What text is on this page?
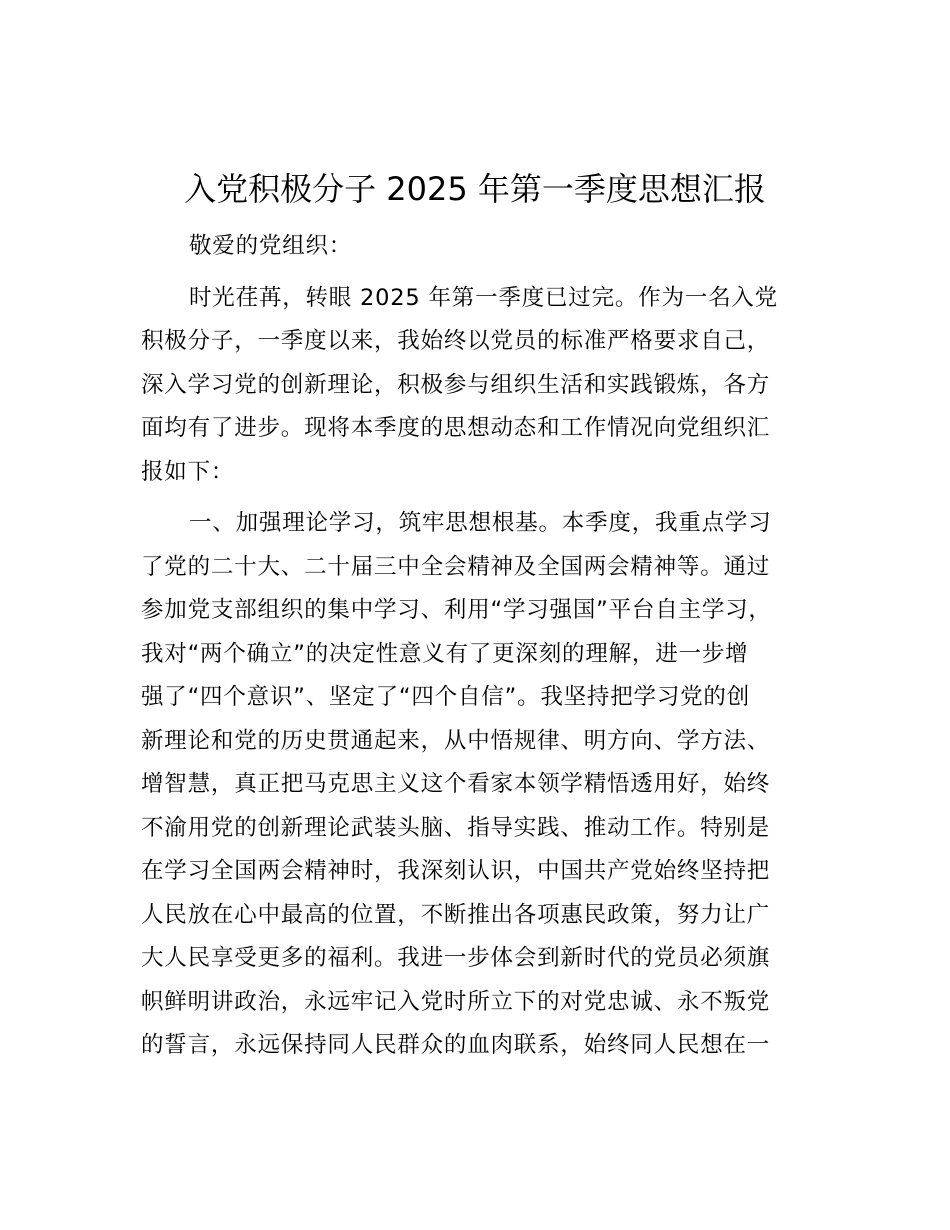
入党积极分子 2025 年第一季度思想汇报

敬爱的党组织：

时光荏苒，转眼 2025 年第一季度已过完。作为一名入党
积极分子，一季度以来，我始终以党员的标准严格要求自己，
深入学习党的创新理论，积极参与组织生活和实践锻炼，各方
面均有了进步。现将本季度的思想动态和工作情况向党组织汇
报如下：

一、加强理论学习，筑牢思想根基。本季度，我重点学习
了党的二十大、二十届三中全会精神及全国两会精神等。通过
参加党支部组织的集中学习、利用“学习强国”平台自主学习，
我对“两个确立”的决定性意义有了更深刻的理解，进一步增
强了“四个意识”、坚定了“四个自信”。我坚持把学习党的创
新理论和党的历史贯通起来，从中悟规律、明方向、学方法、
增智慧，真正把马克思主义这个看家本领学精悟透用好，始终
不渝用党的创新理论武装头脑、指导实践、推动工作。特别是
在学习全国两会精神时，我深刻认识，中国共产党始终坚持把
人民放在心中最高的位置，不断推出各项惠民政策，努力让广
大人民享受更多的福利。我进一步体会到新时代的党员必须旗
帜鲜明讲政治，永远牢记入党时所立下的对党忠诚、永不叛党
的誓言，永远保持同人民群众的血肉联系，始终同人民想在一
